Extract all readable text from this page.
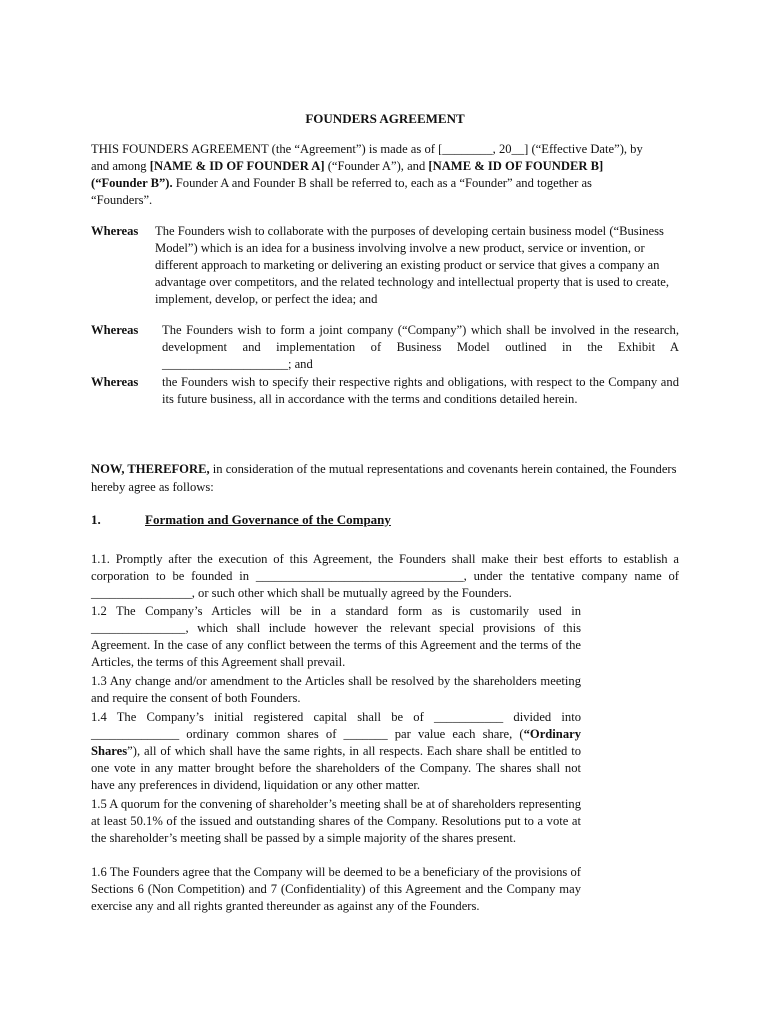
FOUNDERS AGREEMENT
THIS FOUNDERS AGREEMENT (the “Agreement”) is made as of [________, 20__] (“Effective Date”), by and among [NAME & ID OF FOUNDER A] (“Founder A”), and [NAME & ID OF FOUNDER B] (“Founder B”). Founder A and Founder B shall be referred to, each as a “Founder” and together as “Founders”.
Whereas The Founders wish to collaborate with the purposes of developing certain business model (“Business Model”) which is an idea for a business involving involve a new product, service or invention, or different approach to marketing or delivering an existing product or service that gives a company an advantage over competitors, and the related technology and intellectual property that is used to create, implement, develop, or perfect the idea; and
Whereas The Founders wish to form a joint company (“Company”) which shall be involved in the research, development and implementation of Business Model outlined in the Exhibit A ____________________; and
Whereas the Founders wish to specify their respective rights and obligations, with respect to the Company and its future business, all in accordance with the terms and conditions detailed herein.
NOW, THEREFORE, in consideration of the mutual representations and covenants herein contained, the Founders hereby agree as follows:
1.	Formation and Governance of the Company
1.1. Promptly after the execution of this Agreement, the Founders shall make their best efforts to establish a corporation to be founded in _________________________________, under the tentative company name of ________________, or such other which shall be mutually agreed by the Founders.
1.2 The Company’s Articles will be in a standard form as is customarily used in _______________, which shall include however the relevant special provisions of this Agreement. In the case of any conflict between the terms of this Agreement and the terms of the Articles, the terms of this Agreement shall prevail.
1.3 Any change and/or amendment to the Articles shall be resolved by the shareholders meeting and require the consent of both Founders.
1.4 The Company’s initial registered capital shall be of ___________ divided into ______________ ordinary common shares of _______ par value each share, (“Ordinary Shares”), all of which shall have the same rights, in all respects. Each share shall be entitled to one vote in any matter brought before the shareholders of the Company. The shares shall not have any preferences in dividend, liquidation or any other matter.
1.5 A quorum for the convening of shareholder’s meeting shall be at of shareholders representing at least 50.1% of the issued and outstanding shares of the Company. Resolutions put to a vote at the shareholder’s meeting shall be passed by a simple majority of the shares present.
1.6 The Founders agree that the Company will be deemed to be a beneficiary of the provisions of Sections 6 (Non Competition) and 7 (Confidentiality) of this Agreement and the Company may exercise any and all rights granted thereunder as against any of the Founders.
